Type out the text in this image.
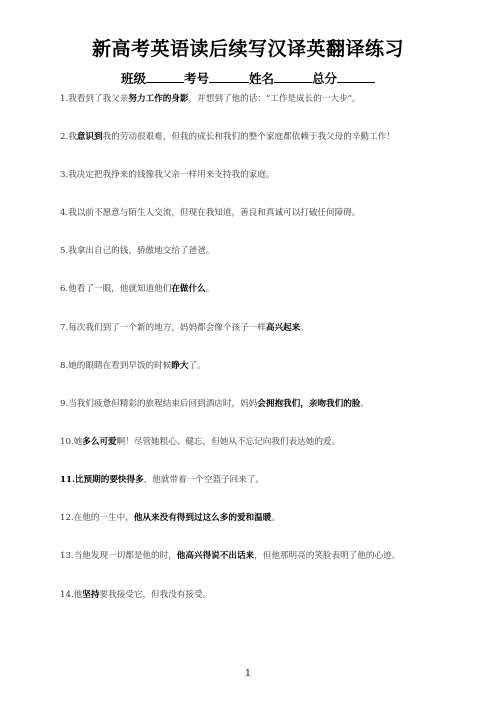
新高考英语读后续写汉译英翻译练习
班级	考号	姓名	总分
1.我看到了我父亲努力工作的身影，并想到了他的话：“工作是成长的一大步”。
2.我意识到我的劳动很艰难，但我的成长和我们的整个家庭都依赖于我父母的辛勤工作！
3.我决定把我挣来的钱像我父亲一样用来支持我的家庭。
4.我以前不愿意与陌生人交流，但现在我知道，善良和真诚可以打破任何障碍。
5.我拿出自己的钱，骄傲地交给了爸爸。
6.他看了一眼，他就知道他们在做什么。
7.每次我们到了一个新的地方，妈妈都会像个孩子一样高兴起来。
8.她的眼睛在看到早饭的时候睁大了。
9.当我们疲惫但精彩的旅程结束后回到酒店时，妈妈会拥抱我们，亲吻我们的脸。
10.她多么可爱啊！尽管她粗心、健忘，但她从不忘记向我们表达她的爱。
11.比预期的要快得多，他就带着一个空篮子回来了。
12.在他的一生中，他从来没有得到过这么多的爱和温暖。
13.当他发现一切都是他的时，他高兴得说不出话来，但他那明亮的笑脸表明了他的心迹。
14.他坚持要我接受它，但我没有接受。
1
